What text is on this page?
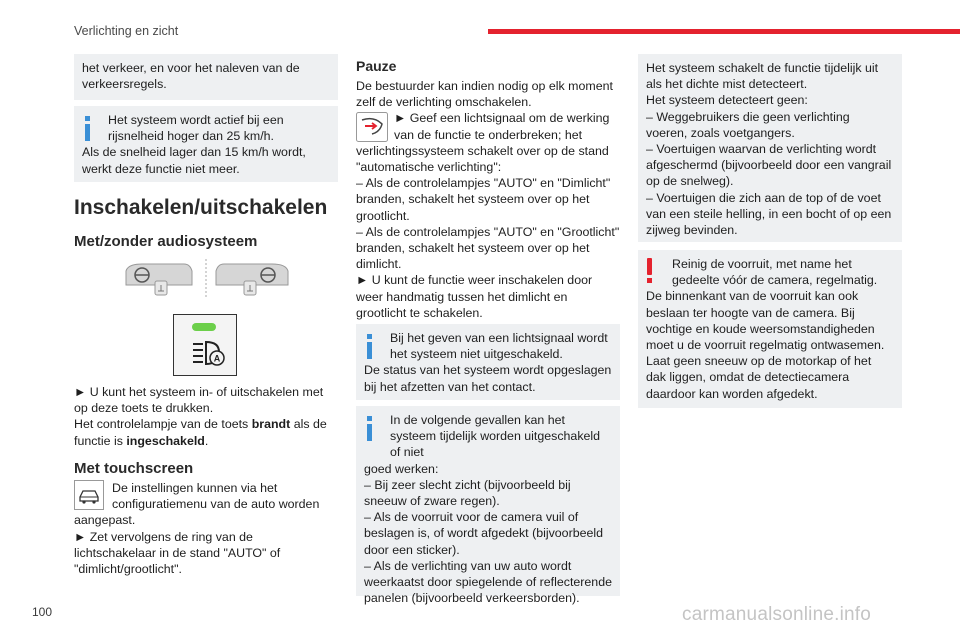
Verlichting en zicht

het verkeer, en voor het naleven van de verkeersregels.

Het systeem wordt actief bij een rijsnelheid hoger dan 25 km/h.

Als de snelheid lager dan 15 km/h wordt, werkt deze functie niet meer.

Inschakelen/uitschakelen
Met/zonder audiosysteem
A

► U kunt het systeem in- of uitschakelen met op deze toets te drukken.

Het controlelampje van de toets brandt als de functie is ingeschakeld.

Met touchscreen

De instellingen kunnen via het configuratiemenu van de auto worden

aangepast.

► Zet vervolgens de ring van de lichtschakelaar in de stand "AUTO" of "dimlicht/grootlicht".

Pauze

De bestuurder kan indien nodig op elk moment zelf de verlichting omschakelen.

► Geef een lichtsignaal om de werking van de functie te onderbreken; het

verlichtingssysteem schakelt over op de stand "automatische verlichting":

– Als de controlelampjes "AUTO" en "Dimlicht" branden, schakelt het systeem over op het grootlicht.

– Als de controlelampjes "AUTO" en "Grootlicht" branden, schakelt het systeem over op het dimlicht.

► U kunt de functie weer inschakelen door weer handmatig tussen het dimlicht en grootlicht te schakelen.

Bij het geven van een lichtsignaal wordt het systeem niet uitgeschakeld.

De status van het systeem wordt opgeslagen bij het afzetten van het contact.

In de volgende gevallen kan het systeem tijdelijk worden uitgeschakeld of niet

goed werken:

– Bij zeer slecht zicht (bijvoorbeeld bij sneeuw of zware regen).

– Als de voorruit voor de camera vuil of beslagen is, of wordt afgedekt (bijvoorbeeld door een sticker).

– Als de verlichting van uw auto wordt weerkaatst door spiegelende of reflecterende panelen (bijvoorbeeld verkeersborden).

Het systeem schakelt de functie tijdelijk uit als het dichte mist detecteert.

Het systeem detecteert geen:

– Weggebruikers die geen verlichting voeren, zoals voetgangers.

– Voertuigen waarvan de verlichting wordt afgeschermd (bijvoorbeeld door een vangrail op de snelweg).

– Voertuigen die zich aan de top of de voet van een steile helling, in een bocht of op een zijweg bevinden.

Reinig de voorruit, met name het gedeelte vóór de camera, regelmatig.

De binnenkant van de voorruit kan ook beslaan ter hoogte van de camera. Bij vochtige en koude weersomstandigheden moet u de voorruit regelmatig ontwasemen. Laat geen sneeuw op de motorkap of het dak liggen, omdat de detectiecamera daardoor kan worden afgedekt.

100	carmanualsonline.info
